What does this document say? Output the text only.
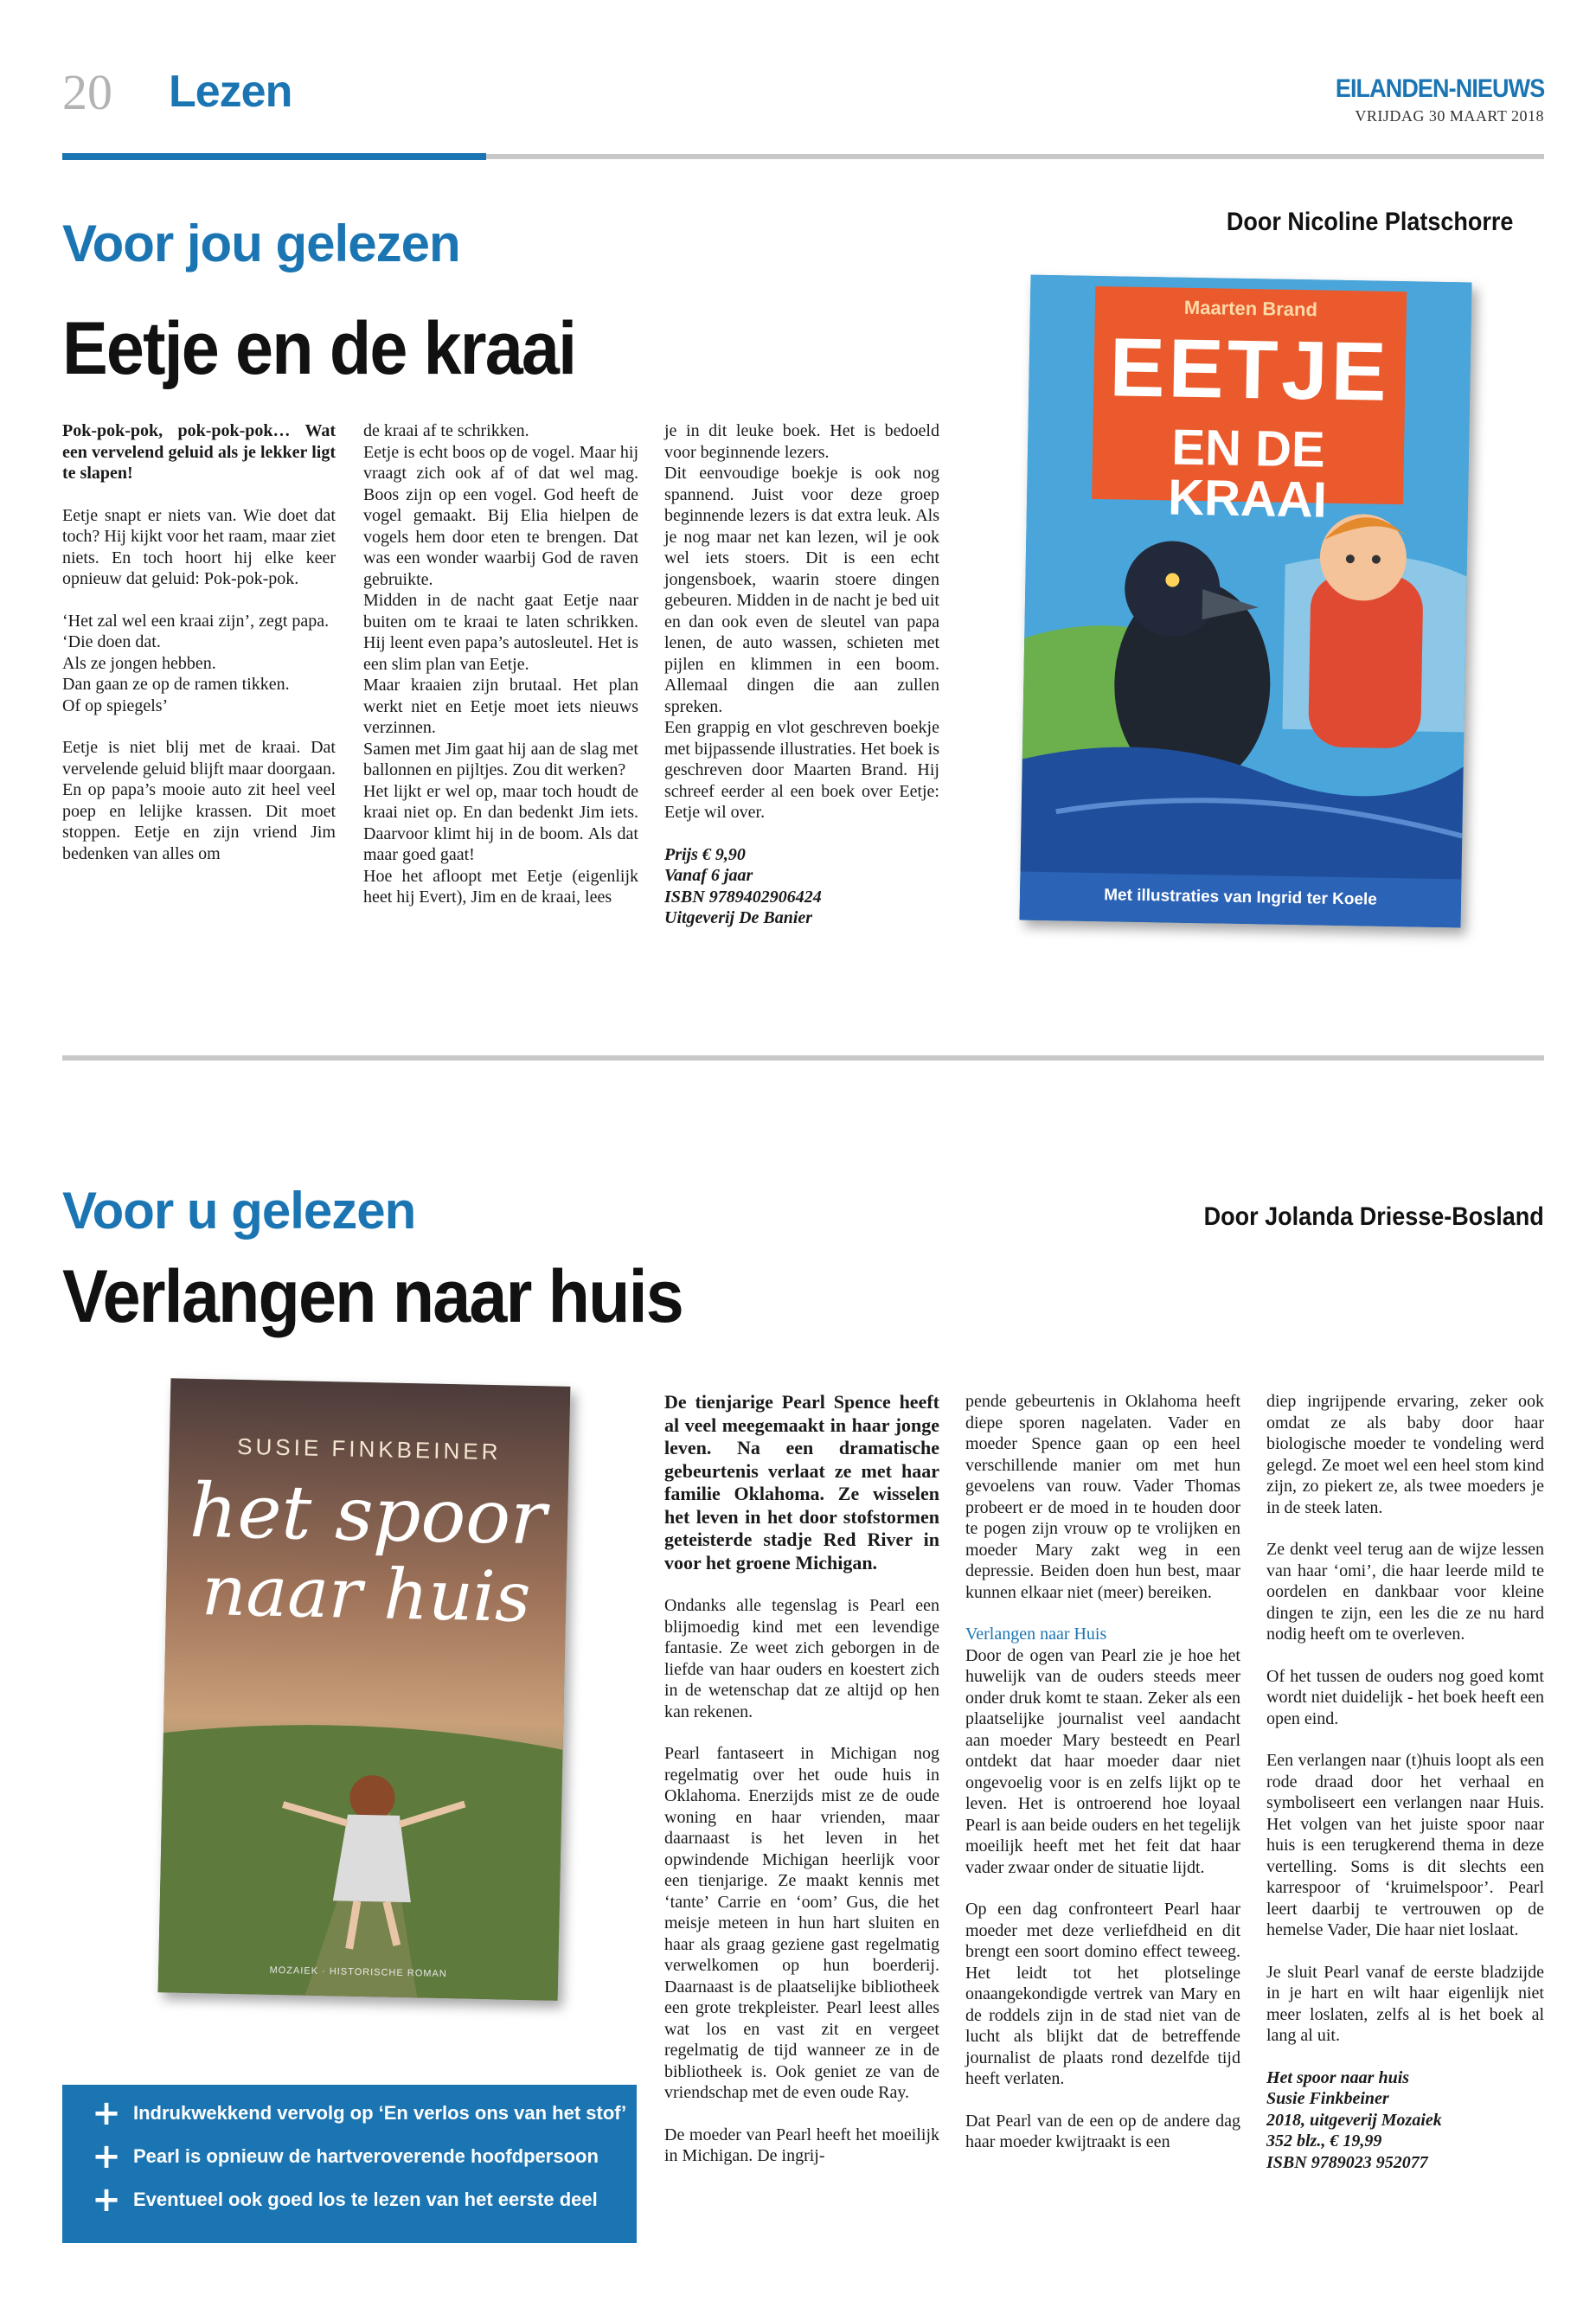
20 Lezen	EILANDEN-NIEUWS
VRIJDAG 30 MAART 2018
Voor jou gelezen
Eetje en de kraai
Door Nicoline Platschorre

Pok-pok-pok, pok-pok-pok… Wat een vervelend geluid als je lekker ligt te slapen!

Eetje snapt er niets van. Wie doet dat toch? Hij kijkt voor het raam, maar ziet niets. En toch hoort hij elke keer opnieuw dat geluid: Pok-pok-pok.

‘Het zal wel een kraai zijn’, zegt papa.
‘Die doen dat.
Als ze jongen hebben.
Dan gaan ze op de ramen tikken.

Of op spiegels’

Eetje is niet blij met de kraai. Dat vervelende geluid blijft maar doorgaan. En op papa’s mooie auto zit heel veel poep en lelijke krassen. Dit moet stoppen. Eetje en zijn vriend Jim bedenken van alles om

de kraai af te schrikken.
Eetje is echt boos op de vogel. Maar hij vraagt zich ook af of dat wel mag. Boos zijn op een vogel. God heeft de vogel gemaakt. Bij Elia hielpen de vogels hem door eten te brengen. Dat was een wonder waarbij God de raven gebruikte.
Midden in de nacht gaat Eetje naar buiten om te kraai te laten schrikken. Hij leent even papa’s autosleutel. Het is een slim plan van Eetje.
Maar kraaien zijn brutaal. Het plan werkt niet en Eetje moet iets nieuws verzinnen.
Samen met Jim gaat hij aan de slag met ballonnen en pijltjes. Zou dit werken?
Het lijkt er wel op, maar toch houdt de kraai niet op. En dan bedenkt Jim iets. Daarvoor klimt hij in de boom. Als dat maar goed gaat!
Hoe het afloopt met Eetje (eigenlijk heet hij Evert), Jim en de kraai, lees
je in dit leuke boek. Het is bedoeld voor beginnende lezers.
Dit eenvoudige boekje is ook nog spannend. Juist voor deze groep beginnende lezers is dat extra leuk. Als je nog maar net kan lezen, wil je ook wel iets stoers. Dit is een echt jongensboek, waarin stoere dingen gebeuren. Midden in de nacht je bed uit en dan ook even de sleutel van papa lenen, de auto wassen, schieten met pijlen en klimmen in een boom. Allemaal dingen die aan zullen spreken.

Een grappig en vlot geschreven boekje met bijpassende illustraties. Het boek is geschreven door Maarten Brand. Hij schreef eerder al een boek over Eetje: Eetje wil over.

Prijs € 9,90
Vanaf 6 jaar
ISBN 9789402906424
Uitgeverij De Banier
Maarten Brand
EETJE
EN DE KRAAI
Met illustraties van Ingrid ter Koele
Voor u gelezen
Verlangen naar huis
Door Jolanda Driesse-Bosland
SUSIE FINKBEINER
het spoor
naar huis
MOZAIEK · HISTORISCHE ROMAN
+ Indrukwekkend vervolg op ‘En verlos ons van het stof’
+ Pearl is opnieuw de hartveroverende hoofdpersoon
+ Eventueel ook goed los te lezen van het eerste deel

De tienjarige Pearl Spence heeft al veel meegemaakt in haar jonge leven. Na een dramatische gebeurtenis verlaat ze met haar familie Oklahoma. Ze wisselen het leven in het door stofstormen geteisterde stadje Red River in voor het groene Michigan.

Ondanks alle tegenslag is Pearl een blijmoedig kind met een levendige fantasie. Ze weet zich geborgen in de liefde van haar ouders en koestert zich in de wetenschap dat ze altijd op hen kan rekenen.

Pearl fantaseert in Michigan nog regelmatig over het oude huis in Oklahoma. Enerzijds mist ze de oude woning en haar vrienden, maar daarnaast is het leven in het opwindende Michigan heerlijk voor een tienjarige. Ze maakt kennis met ‘tante’ Carrie en ‘oom’ Gus, die het meisje meteen in hun hart sluiten en haar als graag geziene gast regelmatig verwelkomen op hun boerderij. Daarnaast is de plaatselijke bibliotheek een grote trekpleister. Pearl leest alles wat los en vast zit en vergeet regelmatig de tijd wanneer ze in de bibliotheek is. Ook geniet ze van de vriendschap met de even oude Ray.

De moeder van Pearl heeft het moeilijk in Michigan. De ingrij-

pende gebeurtenis in Oklahoma heeft diepe sporen nagelaten. Vader en moeder Spence gaan op een heel verschillende manier om met hun gevoelens van rouw. Vader Thomas probeert er de moed in te houden door te pogen zijn vrouw op te vrolijken en moeder Mary zakt weg in een depressie. Beiden doen hun best, maar kunnen elkaar niet (meer) bereiken.

Verlangen naar Huis

Door de ogen van Pearl zie je hoe het huwelijk van de ouders steeds meer onder druk komt te staan. Zeker als een plaatselijke journalist veel aandacht aan moeder Mary besteedt en Pearl ontdekt dat haar moeder daar niet ongevoelig voor is en zelfs lijkt op te leven. Het is ontroerend hoe loyaal Pearl is aan beide ouders en het tegelijk moeilijk heeft met het feit dat haar vader zwaar onder de situatie lijdt.

Op een dag confronteert Pearl haar moeder met deze verliefdheid en dit brengt een soort domino effect teweeg. Het leidt tot het plotselinge onaangekondigde vertrek van Mary en de roddels zijn in de stad niet van de lucht als blijkt dat de betreffende journalist de plaats rond dezelfde tijd heeft verlaten.

Dat Pearl van de een op de andere dag haar moeder kwijtraakt is een

diep ingrijpende ervaring, zeker ook omdat ze als baby door haar biologische moeder te vondeling werd gelegd. Ze moet wel een heel stom kind zijn, zo piekert ze, als twee moeders je in de steek laten.

Ze denkt veel terug aan de wijze lessen van haar ‘omi’, die haar leerde mild te oordelen en dankbaar voor kleine dingen te zijn, een les die ze nu hard nodig heeft om te overleven.

Of het tussen de ouders nog goed komt wordt niet duidelijk - het boek heeft een open eind.

Een verlangen naar (t)huis loopt als een rode draad door het verhaal en symboliseert een verlangen naar Huis. Het volgen van het juiste spoor naar huis is een terugkerend thema in deze vertelling. Soms is dit slechts een karrespoor of ‘kruimelspoor’. Pearl leert daarbij te vertrouwen op de hemelse Vader, Die haar niet loslaat.

Je sluit Pearl vanaf de eerste bladzijde in je hart en wilt haar eigenlijk niet meer loslaten, zelfs al is het boek al lang al uit.

Het spoor naar huis
Susie Finkbeiner
2018, uitgeverij Mozaiek
352 blz., € 19,99
ISBN 9789023 952077
